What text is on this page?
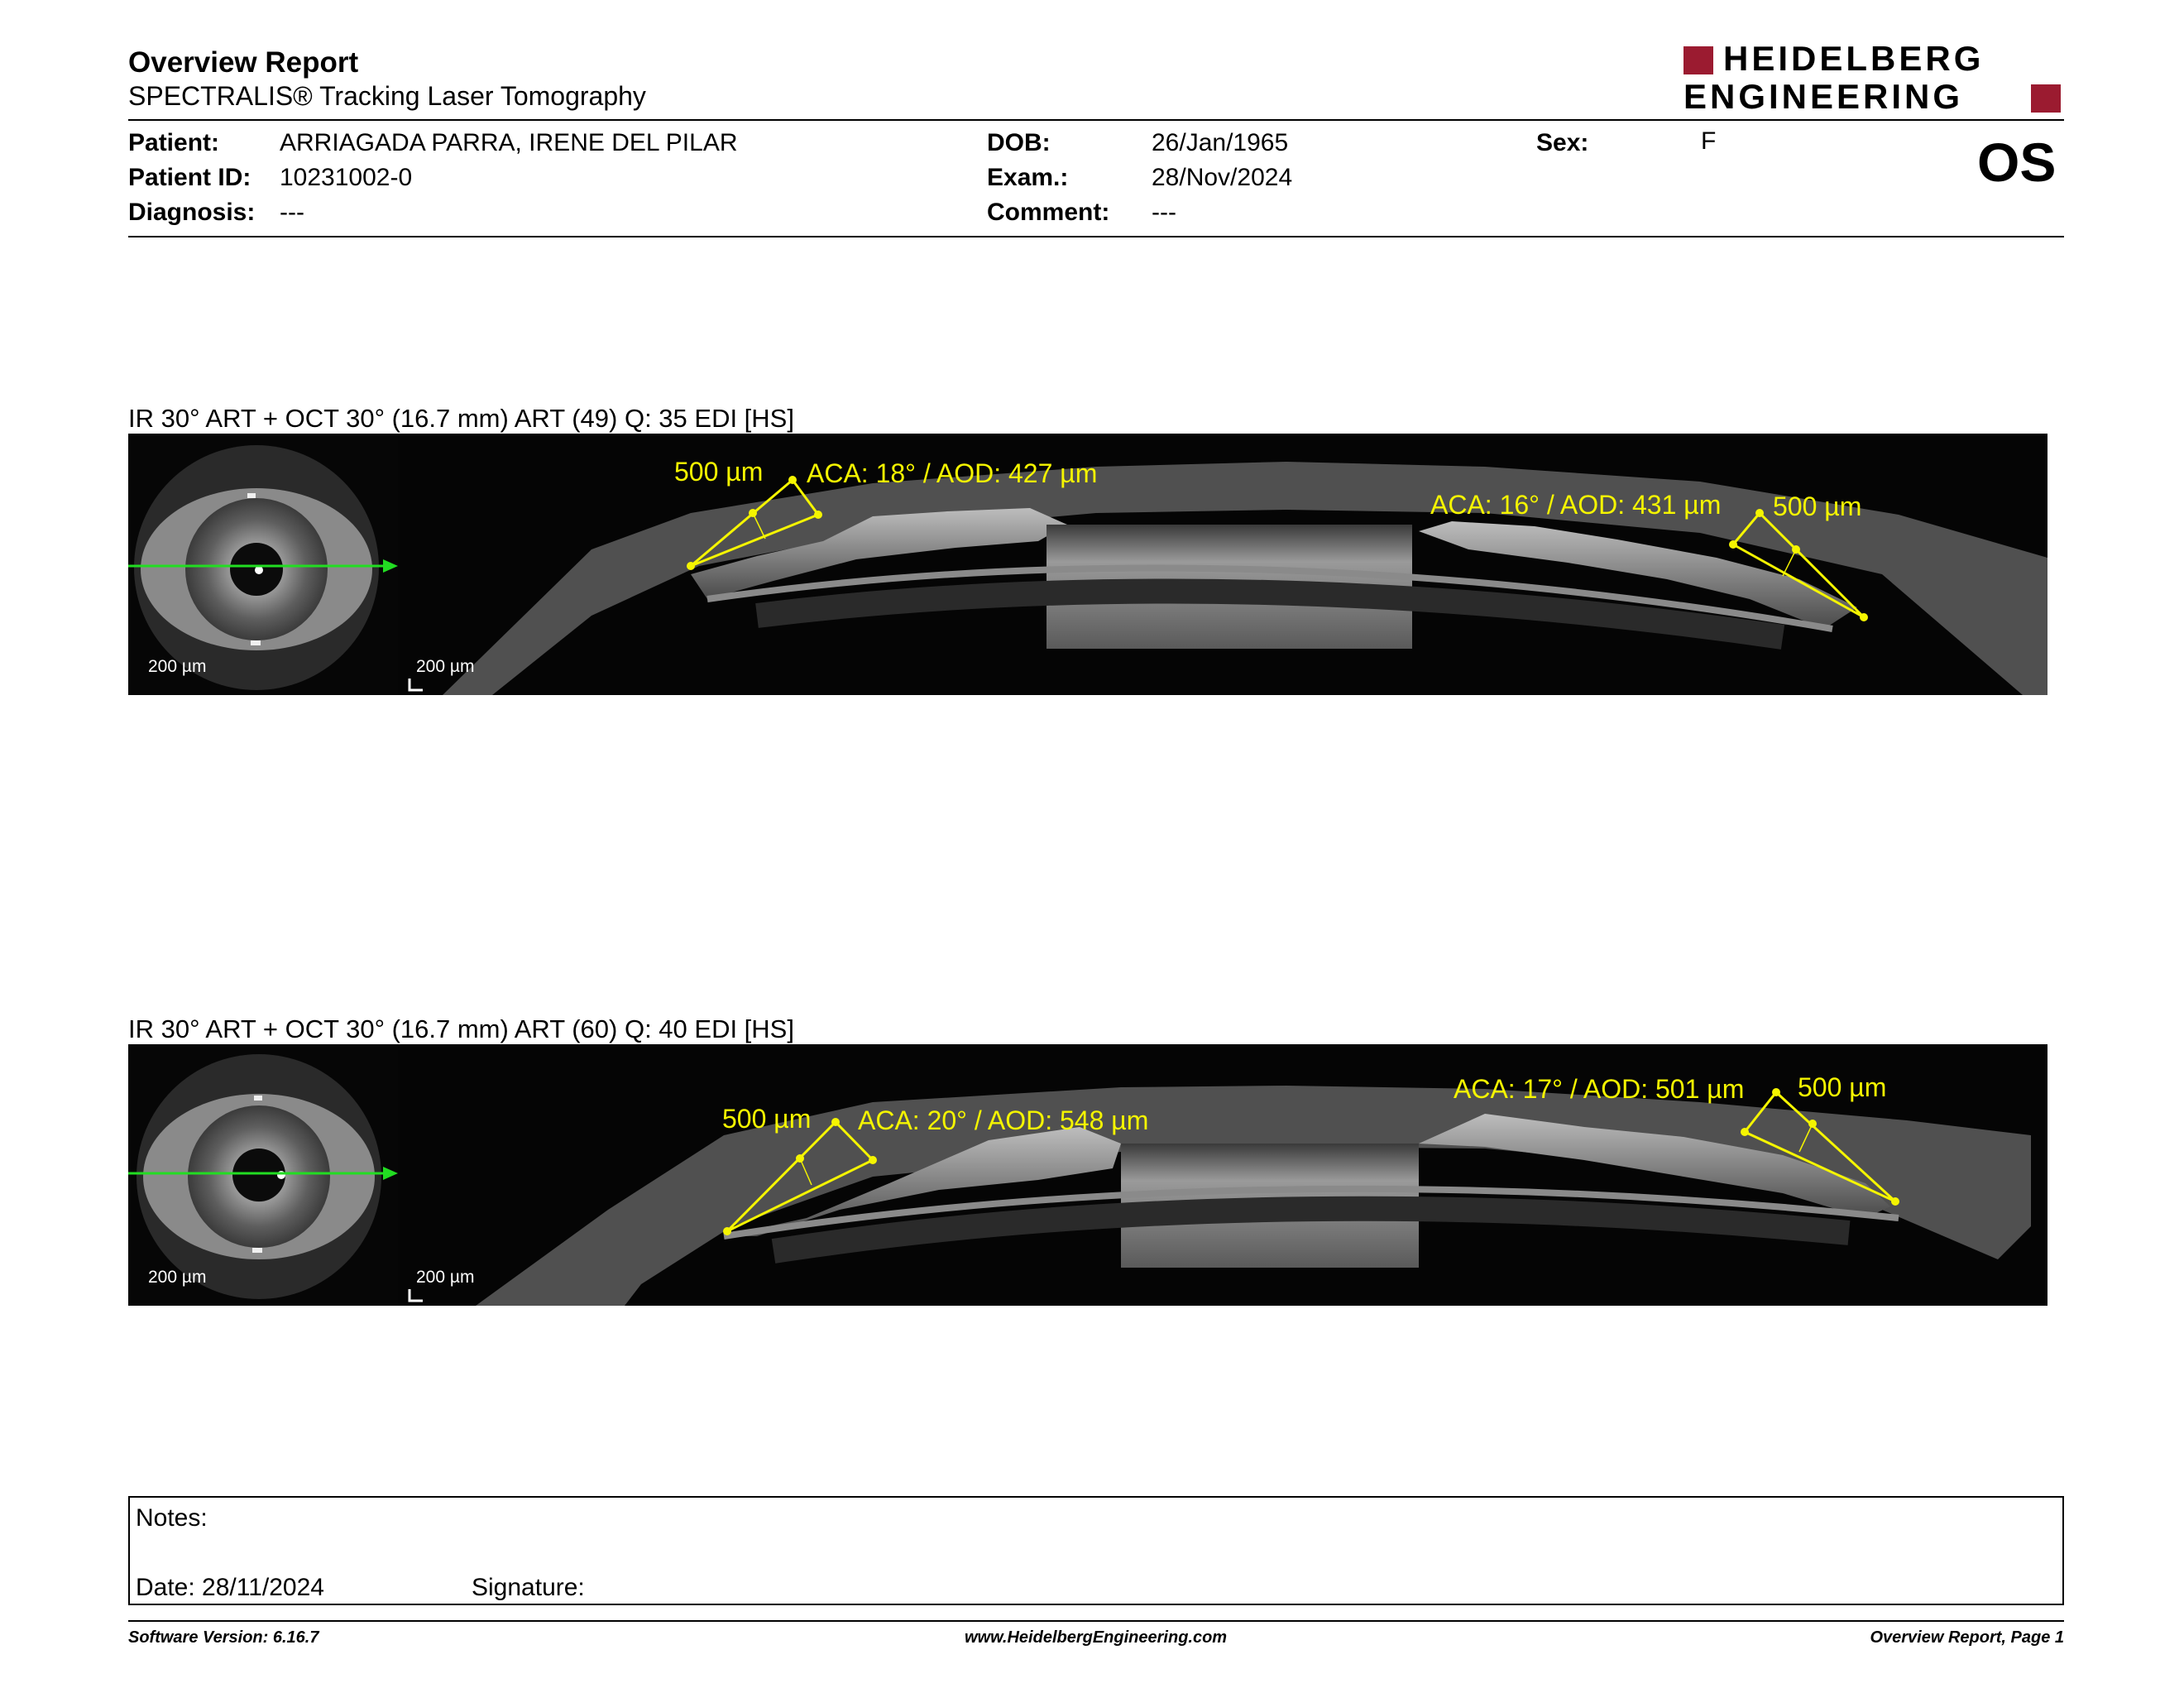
Overview Report
SPECTRALIS® Tracking Laser Tomography
HEIDELBERG
ENGINEERING
Patient: ARRIAGADA PARRA, IRENE DEL PILAR
Patient ID: 10231002-0
Diagnosis: ---
DOB:	26/Jan/1965
Exam.:	28/Nov/2024
Comment: ---
Sex:	F	OS
IR 30° ART + OCT 30° (16.7 mm) ART (49) Q: 35 EDI [HS]
200 µm	200 µm
500 µm ACA: 18° / AOD: 427 µm
ACA: 16° / AOD: 431 µm 500 µm
IR 30° ART + OCT 30° (16.7 mm) ART (60) Q: 40 EDI [HS]
200 µm	200 µm
500 µm ACA: 20° / AOD: 548 µm
ACA: 17° / AOD: 501 µm 500 µm
Notes:
Date: 28/11/2024	Signature:
Software Version: 6.16.7	www.HeidelbergEngineering.com	Overview Report, Page 1
